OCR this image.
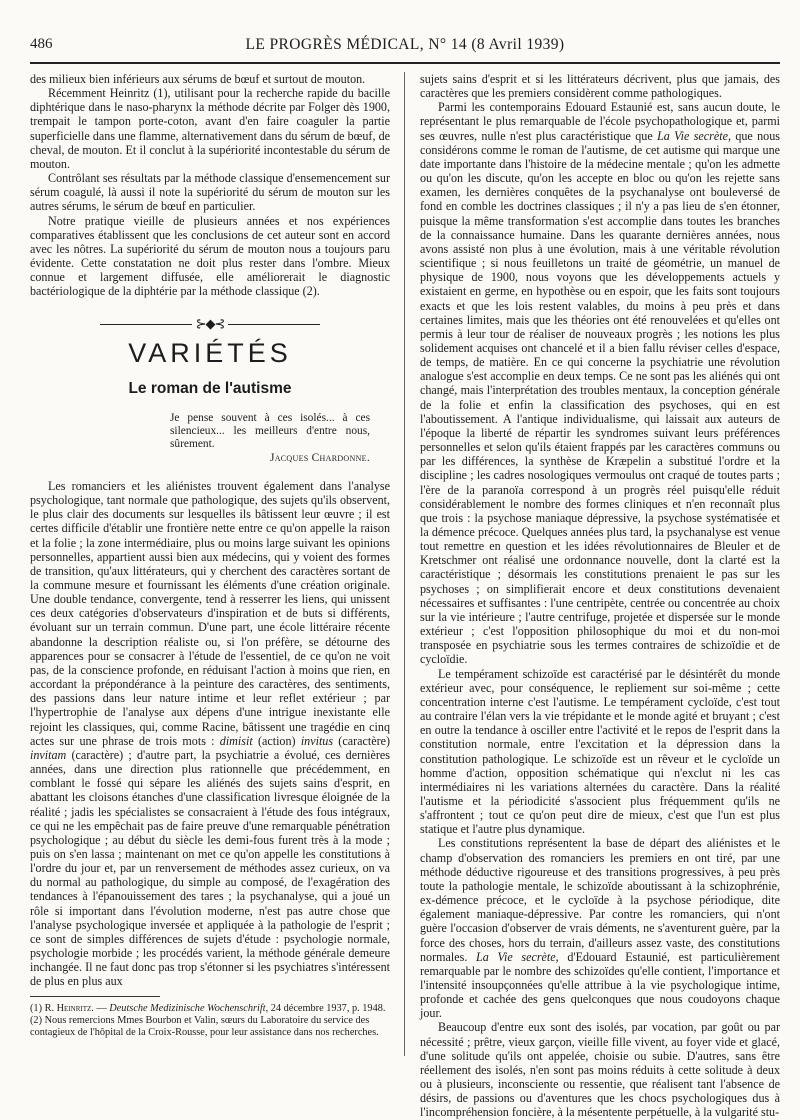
486	LE PROGRÈS MÉDICAL, N° 14 (8 Avril 1939)

des milieux bien inférieurs aux sérums de bœuf et surtout de mouton.

Récemment Heinritz (1), utilisant pour la recherche rapide du bacille diphtérique dans le naso-pharynx la méthode décrite par Folger dès 1900, trempait le tampon porte-coton, avant d'en faire coaguler la partie superficielle dans une flamme, alternativement dans du sérum de bœuf, de cheval, de mouton. Et il conclut à la supériorité incontestable du sérum de mouton.

Contrôlant ses résultats par la méthode classique d'ensemencement sur sérum coagulé, là aussi il note la supériorité du sérum de mouton sur les autres sérums, le sérum de bœuf en particulier.

Notre pratique vieille de plusieurs années et nos expériences comparatives établissent que les conclusions de cet auteur sont en accord avec les nôtres. La supériorité du sérum de mouton nous a toujours paru évidente. Cette constatation ne doit plus rester dans l'ombre. Mieux connue et largement diffusée, elle améliorerait le diagnostic bactériologique de la diphtérie par la méthode classique (2).

⊱◆⊰
VARIÉTÉS
Le roman de l'autisme

Je pense souvent à ces isolés... à ces silencieux... les meilleurs d'entre nous, sûrement.

Jacques Chardonne.

Les romanciers et les aliénistes trouvent également dans l'analyse psychologique, tant normale que pathologique, des sujets qu'ils observent, le plus clair des documents sur lesquelles ils bâtissent leur œuvre ; il est certes difficile d'établir une frontière nette entre ce qu'on appelle la raison et la folie ; la zone intermédiaire, plus ou moins large suivant les opinions personnelles, appartient aussi bien aux médecins, qui y voient des formes de transition, qu'aux littérateurs, qui y cherchent des caractères sortant de la commune mesure et fournissant les éléments d'une création originale. Une double tendance, convergente, tend à resserrer les liens, qui unissent ces deux catégories d'observateurs d'inspiration et de buts si différents, évoluant sur un terrain commun. D'une part, une école littéraire récente abandonne la description réaliste ou, si l'on préfère, se détourne des apparences pour se consacrer à l'étude de l'essentiel, de ce qu'on ne voit pas, de la conscience profonde, en réduisant l'action à moins que rien, en accordant la prépondérance à la peinture des caractères, des sentiments, des passions dans leur nature intime et leur reflet extérieur ; par l'hypertrophie de l'analyse aux dépens d'une intrigue inexistante elle rejoint les classiques, qui, comme Racine, bâtissent une tragédie en cinq actes sur une phrase de trois mots : dimisit (action) invitus (caractère) invitam (caractère) ; d'autre part, la psychiatrie a évolué, ces dernières années, dans une direction plus rationnelle que précédemment, en comblant le fossé qui sépare les aliénés des sujets sains d'esprit, en abattant les cloisons étanches d'une classification livresque éloignée de la réalité ; jadis les spécialistes se consacraient à l'étude des fous intégraux, ce qui ne les empêchait pas de faire preuve d'une remarquable pénétration psychologique ; au début du siècle les demi-fous furent très à la mode ; puis on s'en lassa ; maintenant on met ce qu'on appelle les constitutions à l'ordre du jour et, par un renversement de méthodes assez curieux, on va du normal au pathologique, du simple au composé, de l'exagération des tendances à l'épanouissement des tares ; la psychanalyse, qui a joué un rôle si important dans l'évolution moderne, n'est pas autre chose que l'analyse psychologique inversée et appliquée à la pathologie de l'esprit ; ce sont de simples différences de sujets d'étude : psychologie normale, psychologie morbide ; les procédés varient, la méthode générale demeure inchangée. Il ne faut donc pas trop s'étonner si les psychiatres s'intéressent de plus en plus aux

(1) R. Heinritz. — Deutsche Medizinische Wochenschrift, 24 décembre 1937, p. 1948.

(2) Nous remercions Mmes Bourbon et Valin, sœurs du Laboratoire du service des contagieux de l'hôpital de la Croix-Rousse, pour leur assistance dans nos recherches.

sujets sains d'esprit et si les littérateurs décrivent, plus que jamais, des caractères que les premiers considèrent comme pathologiques.

Parmi les contemporains Edouard Estaunié est, sans aucun doute, le représentant le plus remarquable de l'école psychopathologique et, parmi ses œuvres, nulle n'est plus caractéristique que La Vie secrète, que nous considérons comme le roman de l'autisme, de cet autisme qui marque une date importante dans l'histoire de la médecine mentale ; qu'on les admette ou qu'on les discute, qu'on les accepte en bloc ou qu'on les rejette sans examen, les dernières conquêtes de la psychanalyse ont bouleversé de fond en comble les doctrines classiques ; il n'y a pas lieu de s'en étonner, puisque la même transformation s'est accomplie dans toutes les branches de la connaissance humaine. Dans les quarante dernières années, nous avons assisté non plus à une évolution, mais à une véritable révolution scientifique ; si nous feuilletons un traité de géométrie, un manuel de physique de 1900, nous voyons que les développements actuels y existaient en germe, en hypothèse ou en espoir, que les faits sont toujours exacts et que les lois restent valables, du moins à peu près et dans certaines limites, mais que les théories ont été renouvelées et qu'elles ont permis à leur tour de réaliser de nouveaux progrès ; les notions les plus solidement acquises ont chancelé et il a bien fallu réviser celles d'espace, de temps, de matière. En ce qui concerne la psychiatrie une révolution analogue s'est accomplie en deux temps. Ce ne sont pas les aliénés qui ont changé, mais l'interprétation des troubles mentaux, la conception générale de la folie et enfin la classification des psychoses, qui en est l'aboutissement. A l'antique individualisme, qui laissait aux auteurs de l'époque la liberté de répartir les syndromes suivant leurs préférences personnelles et selon qu'ils étaient frappés par les caractères communs ou par les différences, la synthèse de Kræpelin a substitué l'ordre et la discipline ; les cadres nosologiques vermoulus ont craqué de toutes parts ; l'ère de la paranoïa correspond à un progrès réel puisqu'elle réduit considérablement le nombre des formes cliniques et n'en reconnaît plus que trois : la psychose maniaque dépressive, la psychose systématisée et la démence précoce. Quelques années plus tard, la psychanalyse est venue tout remettre en question et les idées révolutionnaires de Bleuler et de Kretschmer ont réalisé une ordonnance nouvelle, dont la clarté est la caractéristique ; désormais les constitutions prenaient le pas sur les psychoses ; on simplifierait encore et deux constitutions devenaient nécessaires et suffisantes : l'une centripète, centrée ou concentrée au choix sur la vie intérieure ; l'autre centrifuge, projetée et dispersée sur le monde extérieur ; c'est l'opposition philosophique du moi et du non-moi transposée en psychiatrie sous les termes contraires de schizoïdie et de cycloïdie.

Le tempérament schizoïde est caractérisé par le désintérêt du monde extérieur avec, pour conséquence, le repliement sur soi-même ; cette concentration interne c'est l'autisme. Le tempérament cycloïde, c'est tout au contraire l'élan vers la vie trépidante et le monde agité et bruyant ; c'est en outre la tendance à osciller entre l'activité et le repos de l'esprit dans la constitution normale, entre l'excitation et la dépression dans la constitution pathologique. Le schizoïde est un rêveur et le cycloïde un homme d'action, opposition schématique qui n'exclut ni les cas intermédiaires ni les variations alternées du caractère. Dans la réalité l'autisme et la périodicité s'associent plus fréquemment qu'ils ne s'affrontent ; tout ce qu'on peut dire de mieux, c'est que l'un est plus statique et l'autre plus dynamique.

Les constitutions représentent la base de départ des aliénistes et le champ d'observation des romanciers les premiers en ont tiré, par une méthode déductive rigoureuse et des transitions progressives, à peu près toute la pathologie mentale, le schizoïde aboutissant à la schizophrénie, ex-démence précoce, et le cycloïde à la psychose périodique, dite également maniaque-dépressive. Par contre les romanciers, qui n'ont guère l'occasion d'observer de vrais déments, ne s'aventurent guère, par la force des choses, hors du terrain, d'ailleurs assez vaste, des constitutions normales. La Vie secrète, d'Edouard Estaunié, est particulièrement remarquable par le nombre des schizoïdes qu'elle contient, l'importance et l'intensité insoupçonnées qu'elle attribue à la vie psychologique intime, profonde et cachée des gens quelconques que nous coudoyons chaque jour.

Beaucoup d'entre eux sont des isolés, par vocation, par goût ou par nécessité ; prêtre, vieux garçon, vieille fille vivent, au foyer vide et glacé, d'une solitude qu'ils ont appelée, choisie ou subie. D'autres, sans être réellement des isolés, n'en sont pas moins réduits à cette solitude à deux ou à plusieurs, inconsciente ou ressentie, que réalisent tant l'absence de désirs, de passions ou d'aventures que les chocs psychologiques dus à l'incompréhension foncière, à la mésentente perpétuelle, à la vulgarité stu-
